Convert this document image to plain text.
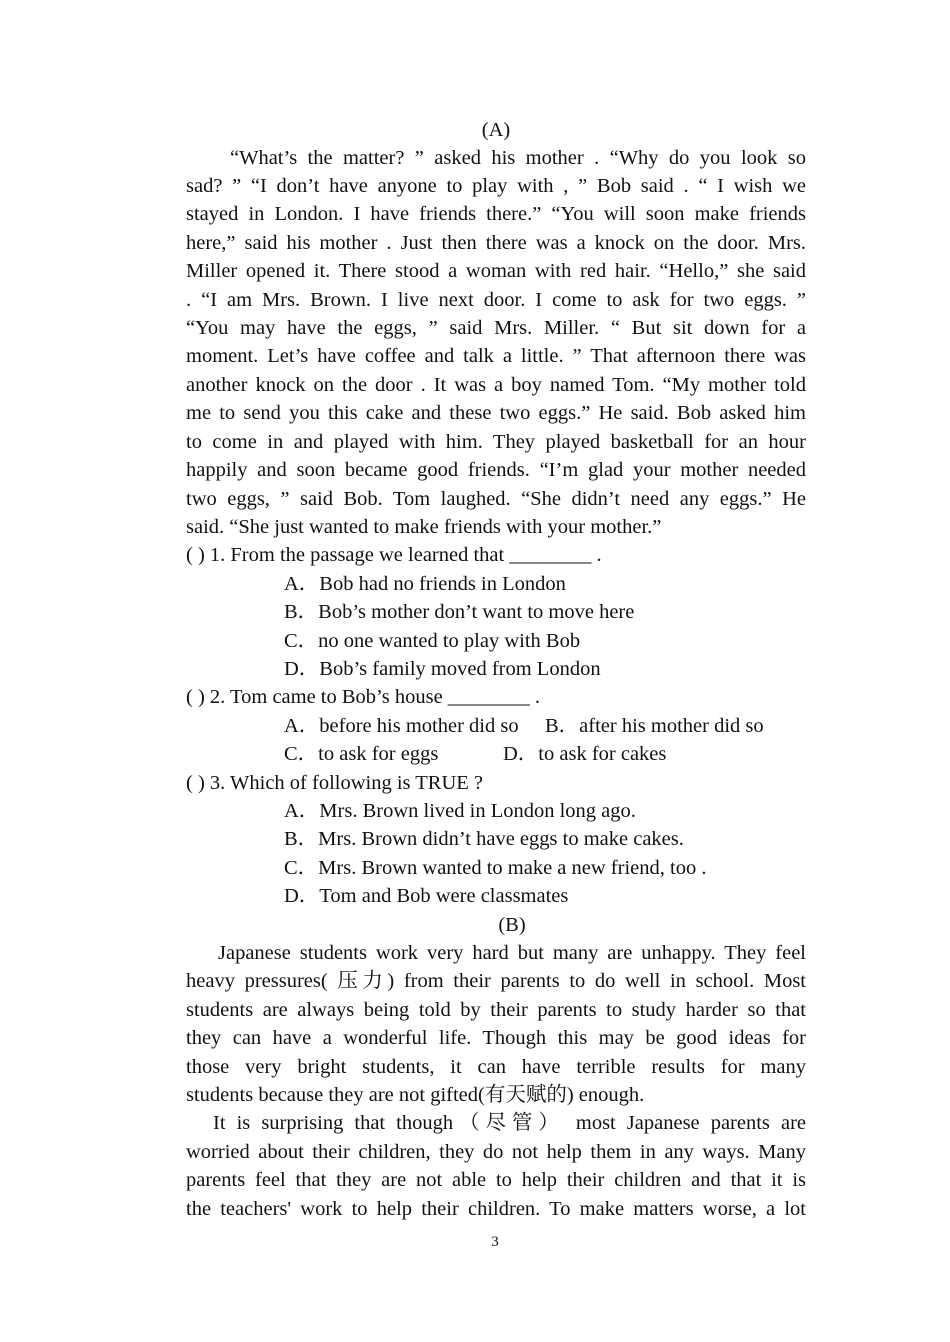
(A)
“What’s the matter? ” asked his mother . “Why do you look so
sad? ” “I don’t have anyone to play with , ” Bob said . “ I wish we
stayed in London. I have friends there.” “You will soon make friends
here,” said his mother . Just then there was a knock on the door. Mrs.
Miller opened it. There stood a woman with red hair. “Hello,” she said
. “I am Mrs. Brown. I live next door. I come to ask for two eggs. ”
“You may have the eggs, ” said Mrs. Miller. “ But sit down for a
moment. Let’s have coffee and talk a little. ” That afternoon there was
another knock on the door . It was a boy named Tom. “My mother told
me to send you this cake and these two eggs.” He said. Bob asked him
to come in and played with him. They played basketball for an hour
happily and soon became good friends. “I’m glad your mother needed
two eggs, ” said Bob. Tom laughed. “She didn’t need any eggs.” He
said. “She just wanted to make friends with your mother.”
( ) 1. From the passage we learned that ________ .
A．Bob had no friends in London
B．Bob’s mother don’t want to move here
C．no one wanted to play with Bob
D．Bob’s family moved from London
( ) 2. Tom came to Bob’s house ________ .
A．before his mother did so B．after his mother did so
C．to ask for eggs	D．to ask for cakes
( ) 3. Which of following is TRUE ?
A．Mrs. Brown lived in London long ago.
B．Mrs. Brown didn’t have eggs to make cakes.
C．Mrs. Brown wanted to make a new friend, too .
D．Tom and Bob were classmates
(B)
Japanese students work very hard but many are unhappy. They feel
heavy pressures( 压力) from their parents to do well in school. Most
students are always being told by their parents to study harder so that
they can have a wonderful life. Though this may be good ideas for
those very bright students, it can have terrible results for many
students because they are not gifted(有天赋的) enough.
It is surprising that though（尽管） most Japanese parents are
worried about their children, they do not help them in any ways. Many
parents feel that they are not able to help their children and that it is
the teachers' work to help their children. To make matters worse, a lot
3
